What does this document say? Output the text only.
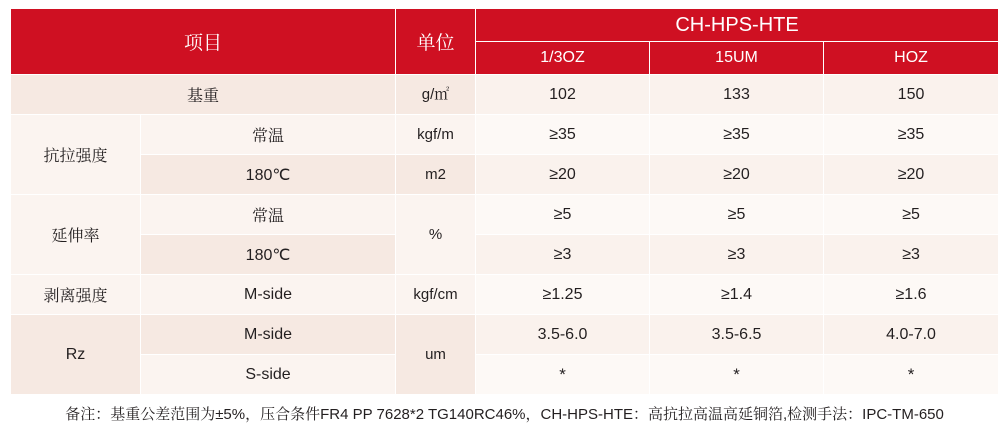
项目		单位	CH-HPS-HTE		
			1/3OZ	15UM	HOZ
基重		g/㎡	102	133	150
抗拉强度	常温	kgf/m	≥35	≥35	≥35
	180℃	m2	≥20	≥20	≥20
延伸率	常温	%	≥5	≥5	≥5
	180℃		≥3	≥3	≥3
剥离强度	M-side	kgf/cm	≥1.25	≥1.4	≥1.6
Rz	M-side	um	3.5-6.0	3.5-6.5	4.0-7.0
	S-side		*	*	*
备注：基重公差范围为±5%，压合条件FR4 PP 7628*2 TG140RC46%，CH-HPS-HTE：高抗拉高温高延铜箔,检测手法：IPC-TM-650					
